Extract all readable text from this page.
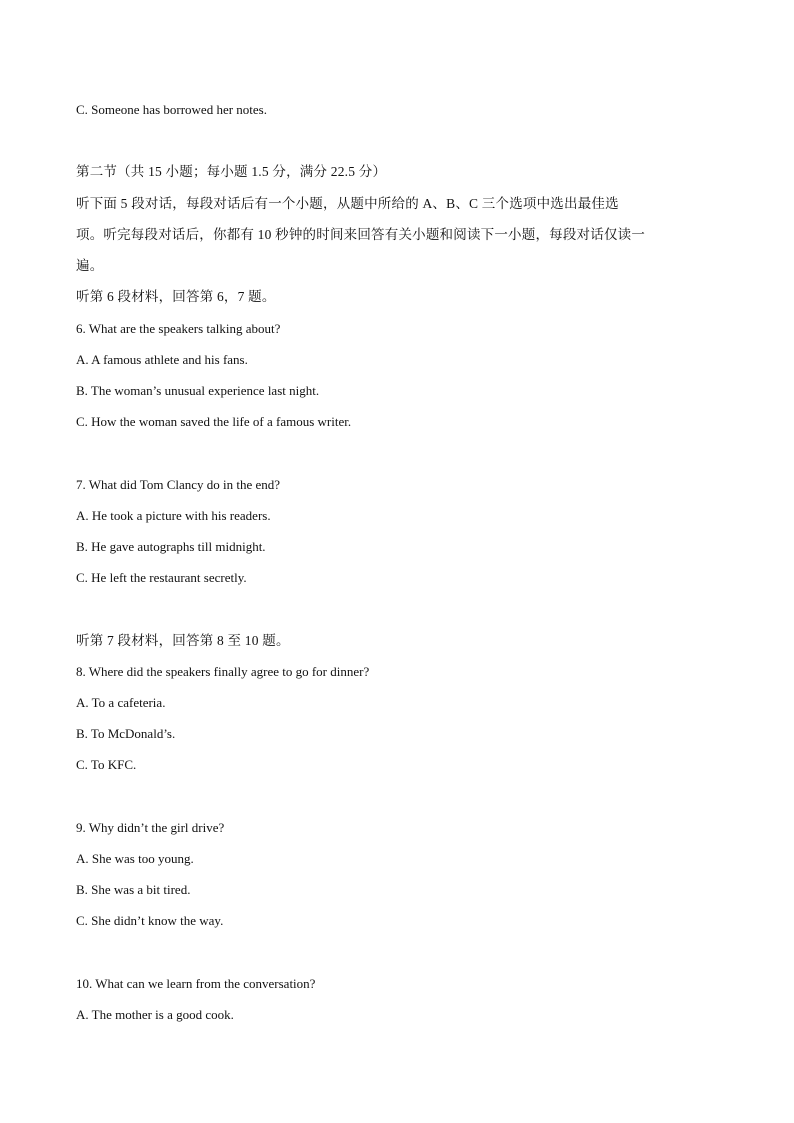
C. Someone has borrowed her notes.
第二节（共 15 小题；每小题 1.5 分，满分 22.5 分）
听下面 5 段对话，每段对话后有一个小题，从题中所给的 A、B、C 三个选项中选出最佳选
项。听完每段对话后，你都有 10 秒钟的时间来回答有关小题和阅读下一小题，每段对话仅读一
遍。
听第 6 段材料，回答第 6，7 题。
6. What are the speakers talking about?
A. A famous athlete and his fans.
B. The woman’s unusual experience last night.
C. How the woman saved the life of a famous writer.
7. What did Tom Clancy do in the end?
A. He took a picture with his readers.
B. He gave autographs till midnight.
C. He left the restaurant secretly.
听第 7 段材料，回答第 8 至 10 题。
8. Where did the speakers finally agree to go for dinner?
A. To a cafeteria.
B. To McDonald’s.
C. To KFC.
9. Why didn’t the girl drive?
A. She was too young.
B. She was a bit tired.
C. She didn’t know the way.
10. What can we learn from the conversation?
A. The mother is a good cook.
